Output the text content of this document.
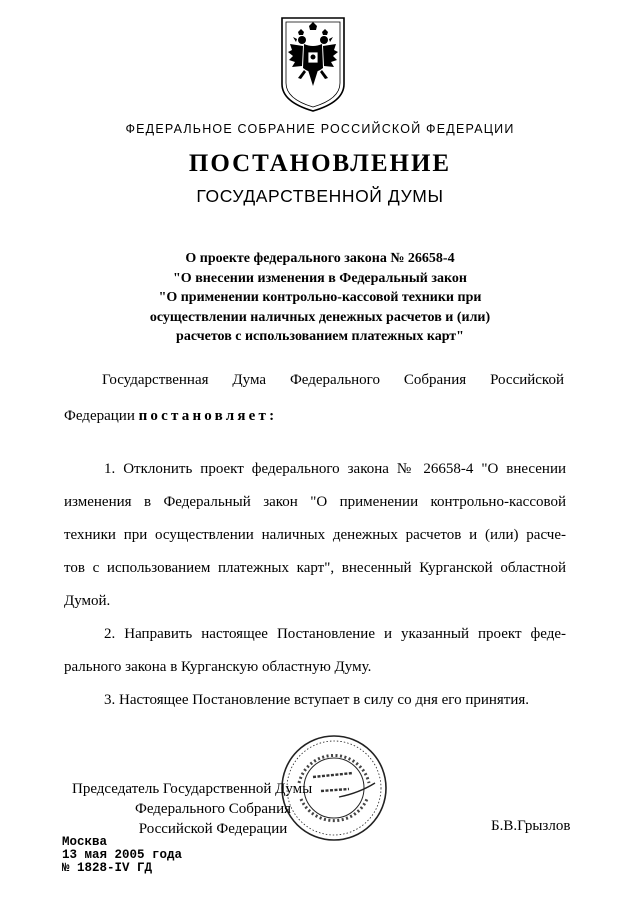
ФЕДЕРАЛЬНОЕ СОБРАНИЕ РОССИЙСКОЙ ФЕДЕРАЦИИ
ПОСТАНОВЛЕНИЕ
ГОСУДАРСТВЕННОЙ ДУМЫ
О проекте федерального закона № 26658-4
"О внесении изменения в Федеральный закон
"О применении контрольно-кассовой техники при
осуществлении наличных денежных расчетов и (или)
расчетов с использованием платежных карт"
Государственная Дума Федерального Собрания Российской
Федерации постановляет:
1. Отклонить проект федерального закона № 26658-4 "О внесении
изменения в Федеральный закон "О применении контрольно-кассовой
техники при осуществлении наличных денежных расчетов и (или) расче-
тов с использованием платежных карт", внесенный Курганской областной
Думой.
2. Направить настоящее Постановление и указанный проект феде-
рального закона в Курганскую областную Думу.
3. Настоящее Постановление вступает в силу со дня его принятия.
Председатель Государственной Думы
Федерального Собрания
Российской Федерации	Б.В.Грызлов
Москва
13 мая 2005 года
№ 1828-IV ГД
